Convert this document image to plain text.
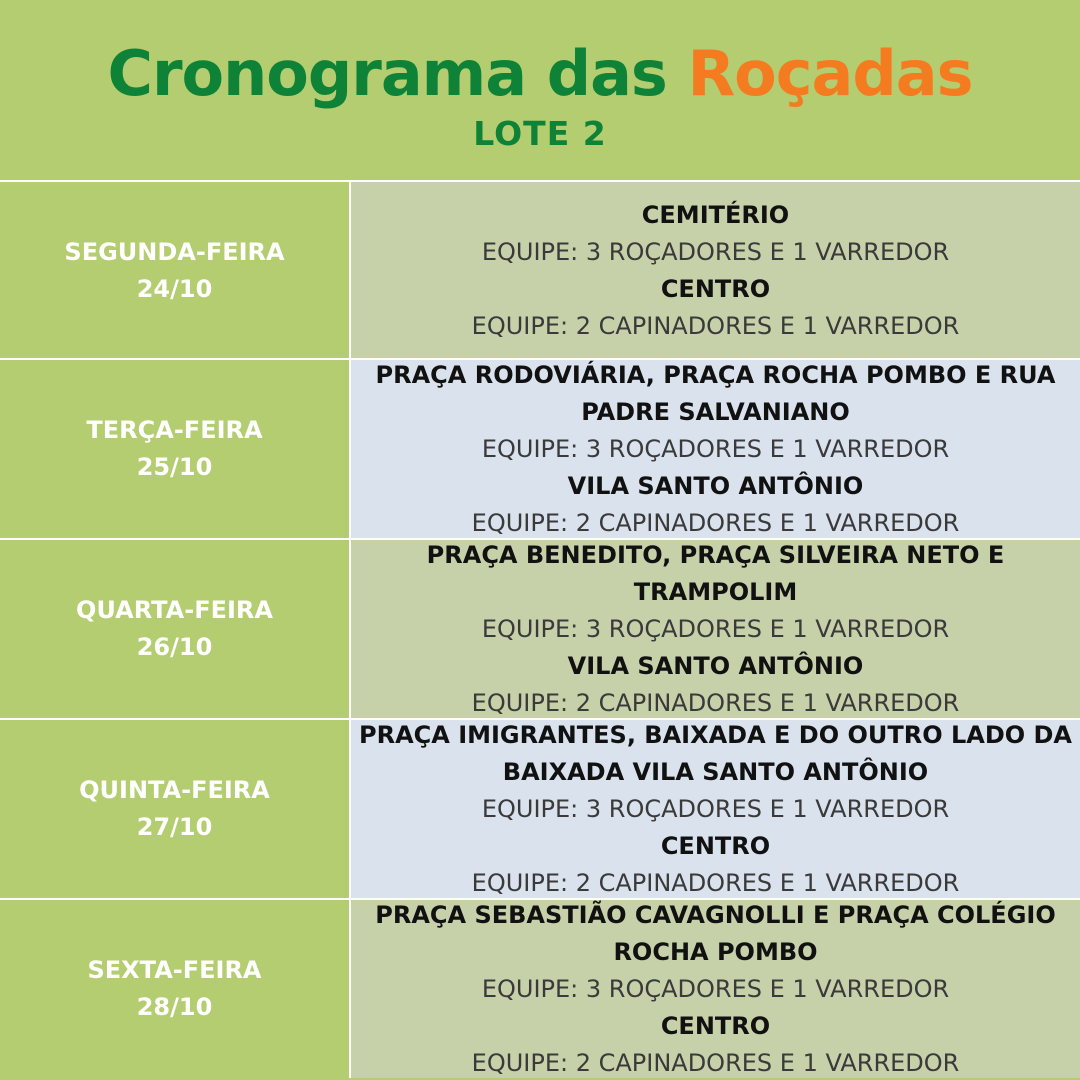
Cronograma das Roçadas
LOTE 2
SEGUNDA-FEIRA
24/10
CEMITÉRIO
EQUIPE: 3 ROÇADORES E 1 VARREDOR
CENTRO
EQUIPE: 2 CAPINADORES E 1 VARREDOR
TERÇA-FEIRA
25/10
PRAÇA RODOVIÁRIA, PRAÇA ROCHA POMBO E RUA PADRE SALVANIANO
EQUIPE: 3 ROÇADORES E 1 VARREDOR
VILA SANTO ANTÔNIO
EQUIPE: 2 CAPINADORES E 1 VARREDOR
QUARTA-FEIRA
26/10
PRAÇA BENEDITO, PRAÇA SILVEIRA NETO E TRAMPOLIM
EQUIPE: 3 ROÇADORES E 1 VARREDOR
VILA SANTO ANTÔNIO
EQUIPE: 2 CAPINADORES E 1 VARREDOR
QUINTA-FEIRA
27/10
PRAÇA IMIGRANTES, BAIXADA E DO OUTRO LADO DA BAIXADA VILA SANTO ANTÔNIO
EQUIPE: 3 ROÇADORES E 1 VARREDOR
CENTRO
EQUIPE: 2 CAPINADORES E 1 VARREDOR
SEXTA-FEIRA
28/10
PRAÇA SEBASTIÃO CAVAGNOLLI E PRAÇA COLÉGIO ROCHA POMBO
EQUIPE: 3 ROÇADORES E 1 VARREDOR
CENTRO
EQUIPE: 2 CAPINADORES E 1 VARREDOR
